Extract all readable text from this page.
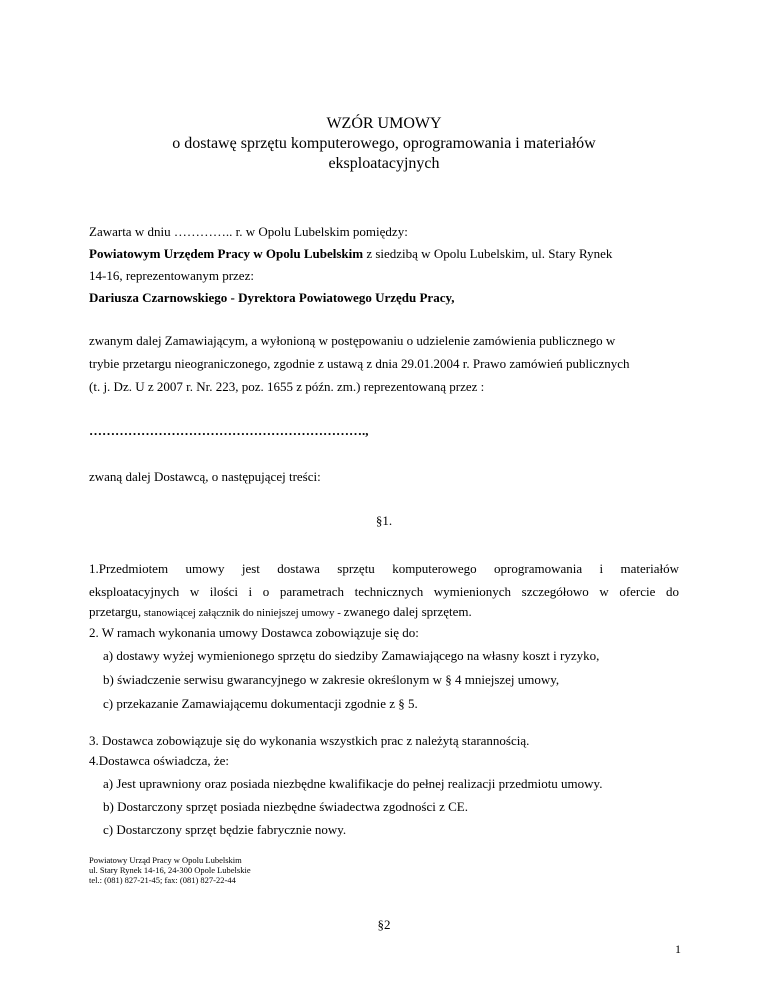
WZÓR UMOWY

o dostawę sprzętu komputerowego, oprogramowania i materiałów

eksploatacyjnych

Zawarta w dniu ………….. r. w Opolu Lubelskim pomiędzy:

Powiatowym Urzędem Pracy w Opolu Lubelskim z siedzibą w Opolu Lubelskim, ul. Stary Rynek

14-16, reprezentowanym przez:

Dariusza Czarnowskiego - Dyrektora Powiatowego Urzędu Pracy,

zwanym dalej Zamawiającym, a wyłonioną w postępowaniu o udzielenie zamówienia publicznego w

trybie przetargu nieograniczonego, zgodnie z ustawą z dnia 29.01.2004 r. Prawo zamówień publicznych

(t. j. Dz. U z 2007 r. Nr. 223, poz. 1655 z późn. zm.) reprezentowaną przez :

……………………………………………………….,

zwaną dalej Dostawcą, o następującej treści:

§1.

1.Przedmiotem umowy jest dostawa sprzętu komputerowego oprogramowania i materiałów

eksploatacyjnych w ilości i o parametrach technicznych wymienionych szczegółowo w ofercie do

przetargu, stanowiącej załącznik do niniejszej umowy - zwanego dalej sprzętem.

2. W ramach wykonania umowy Dostawca zobowiązuje się do:

a) dostawy wyżej wymienionego sprzętu do siedziby Zamawiającego na własny koszt i ryzyko,

b) świadczenie serwisu gwarancyjnego w zakresie określonym w § 4 mniejszej umowy,

c) przekazanie Zamawiającemu dokumentacji zgodnie z § 5.

3. Dostawca zobowiązuje się do wykonania wszystkich prac z należytą starannością.

4.Dostawca oświadcza, że:

a) Jest uprawniony oraz posiada niezbędne kwalifikacje do pełnej realizacji przedmiotu umowy.

b) Dostarczony sprzęt posiada niezbędne świadectwa zgodności z CE.

c) Dostarczony sprzęt będzie fabrycznie nowy.

Powiatowy Urząd Pracy w Opolu Lubelskim

ul. Stary Rynek 14-16, 24-300 Opole Lubelskie

tel.: (081) 827-21-45; fax: (081) 827-22-44

§2

1
